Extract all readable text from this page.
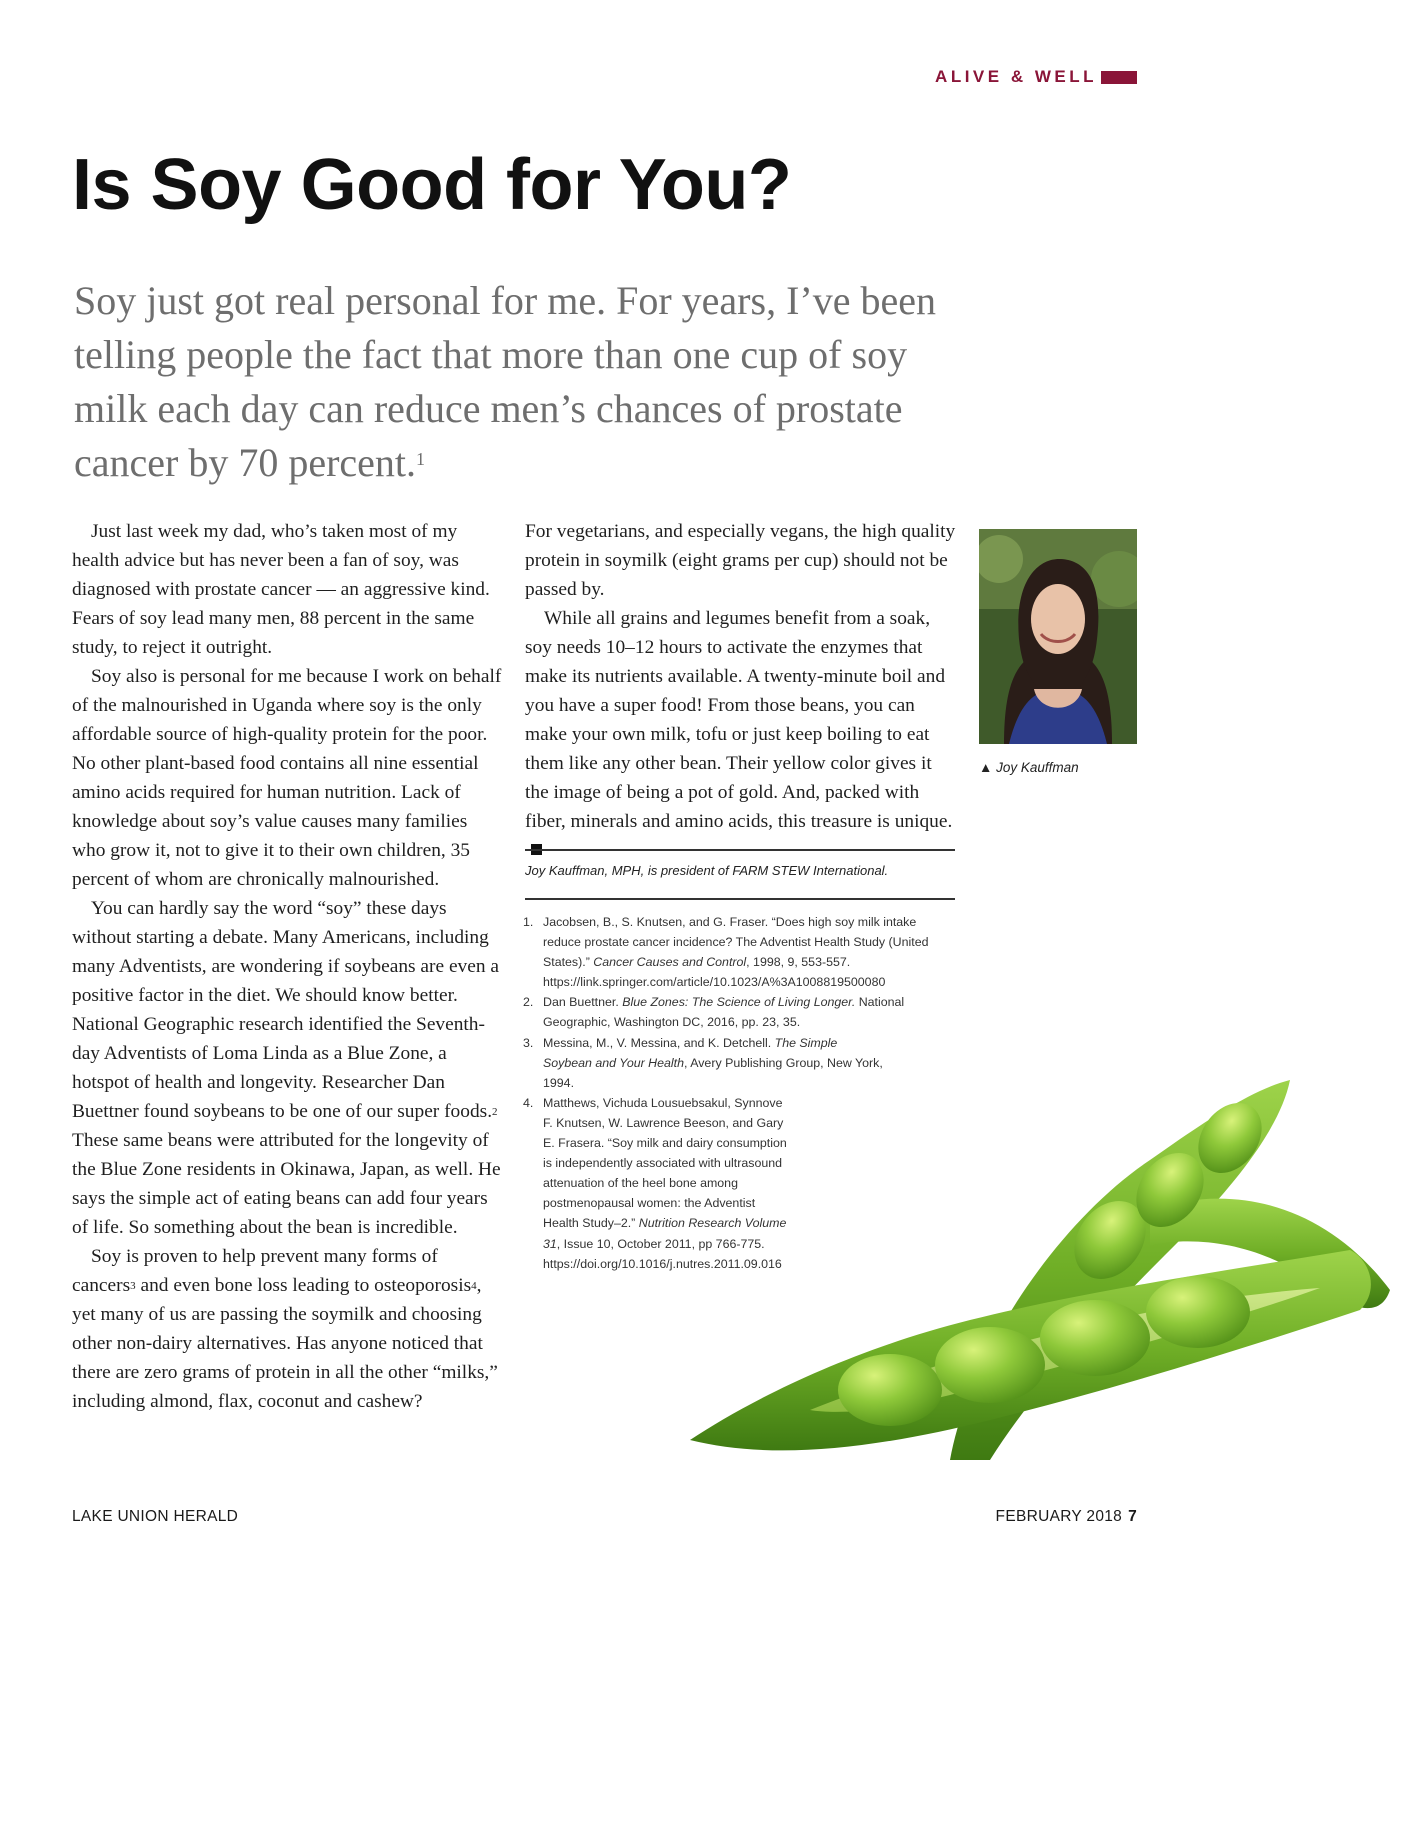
ALIVE & WELL
Is Soy Good for You?

Soy just got real personal for me. For years, I’ve been telling people the fact that more than one cup of soy milk each day can reduce men’s chances of prostate cancer by 70 percent.$^1$

Just last week my dad, who’s taken most of my health advice but has never been a fan of soy, was diagnosed with prostate cancer — an aggressive kind. Fears of soy lead many men, 88 percent in the same study, to reject it outright.

Soy also is personal for me because I work on behalf of the malnourished in Uganda where soy is the only affordable source of high-quality protein for the poor. No other plant-based food contains all nine essential amino acids required for human nutrition. Lack of knowledge about soy’s value causes many families who grow it, not to give it to their own children, 35 percent of whom are chronically malnourished.

You can hardly say the word “soy” these days without starting a debate. Many Americans, including many Adventists, are wondering if soybeans are even a positive factor in the diet. We should know better. National Geographic research identified the Seventh-day Adventists of Loma Linda as a Blue Zone, a hotspot of health and longevity. Researcher Dan Buettner found soybeans to be one of our super foods.$^2$ These same beans were attributed for the longevity of the Blue Zone residents in Okinawa, Japan, as well. He says the simple act of eating beans can add four years of life. So something about the bean is incredible.

Soy is proven to help prevent many forms of cancers$^3$ and even bone loss leading to osteoporosis$^4$, yet many of us are passing the soymilk and choosing other non-dairy alternatives. Has anyone noticed that there are zero grams of protein in all the other “milks,” including almond, flax, coconut and cashew?

For vegetarians, and especially vegans, the high quality protein in soymilk (eight grams per cup) should not be passed by.

While all grains and legumes benefit from a soak, soy needs 10–12 hours to activate the enzymes that make its nutrients available. A twenty-minute boil and you have a super food! From those beans, you can make your own milk, tofu or just keep boiling to eat them like any other bean. Their yellow color gives it the image of being a pot of gold. And, packed with fiber, minerals and amino acids, this treasure is unique.

Joy Kauffman, MPH, is president of FARM STEW International.
1. Jacobsen, B., S. Knutsen, and G. Fraser. “Does high soy milk intake reduce prostate cancer incidence? The Adventist Health Study (United States).” Cancer Causes and Control, 1998, 9, 553-557. https://link.springer.com/article/10.1023/A%3A1008819500080
2. Dan Buettner. Blue Zones: The Science of Living Longer. National Geographic, Washington DC, 2016, pp. 23, 35.
3. Messina, M., V. Messina, and K. Detchell. The Simple Soybean and Your Health, Avery Publishing Group, New York, 1994.
4. Matthews, Vichuda Lousuebsakul, Synnove F. Knutsen, W. Lawrence Beeson, and Gary E. Frasera. “Soy milk and dairy consumption is independently associated with ultrasound attenuation of the heel bone among postmenopausal women: the Adventist Health Study–2.” Nutrition Research Volume 31, Issue 10, October 2011, pp 766-775. https://doi.org/10.1016/j.nutres.2011.09.016
▲ Joy Kauffman
LAKE UNION HERALD	FEBRUARY 2018 7
